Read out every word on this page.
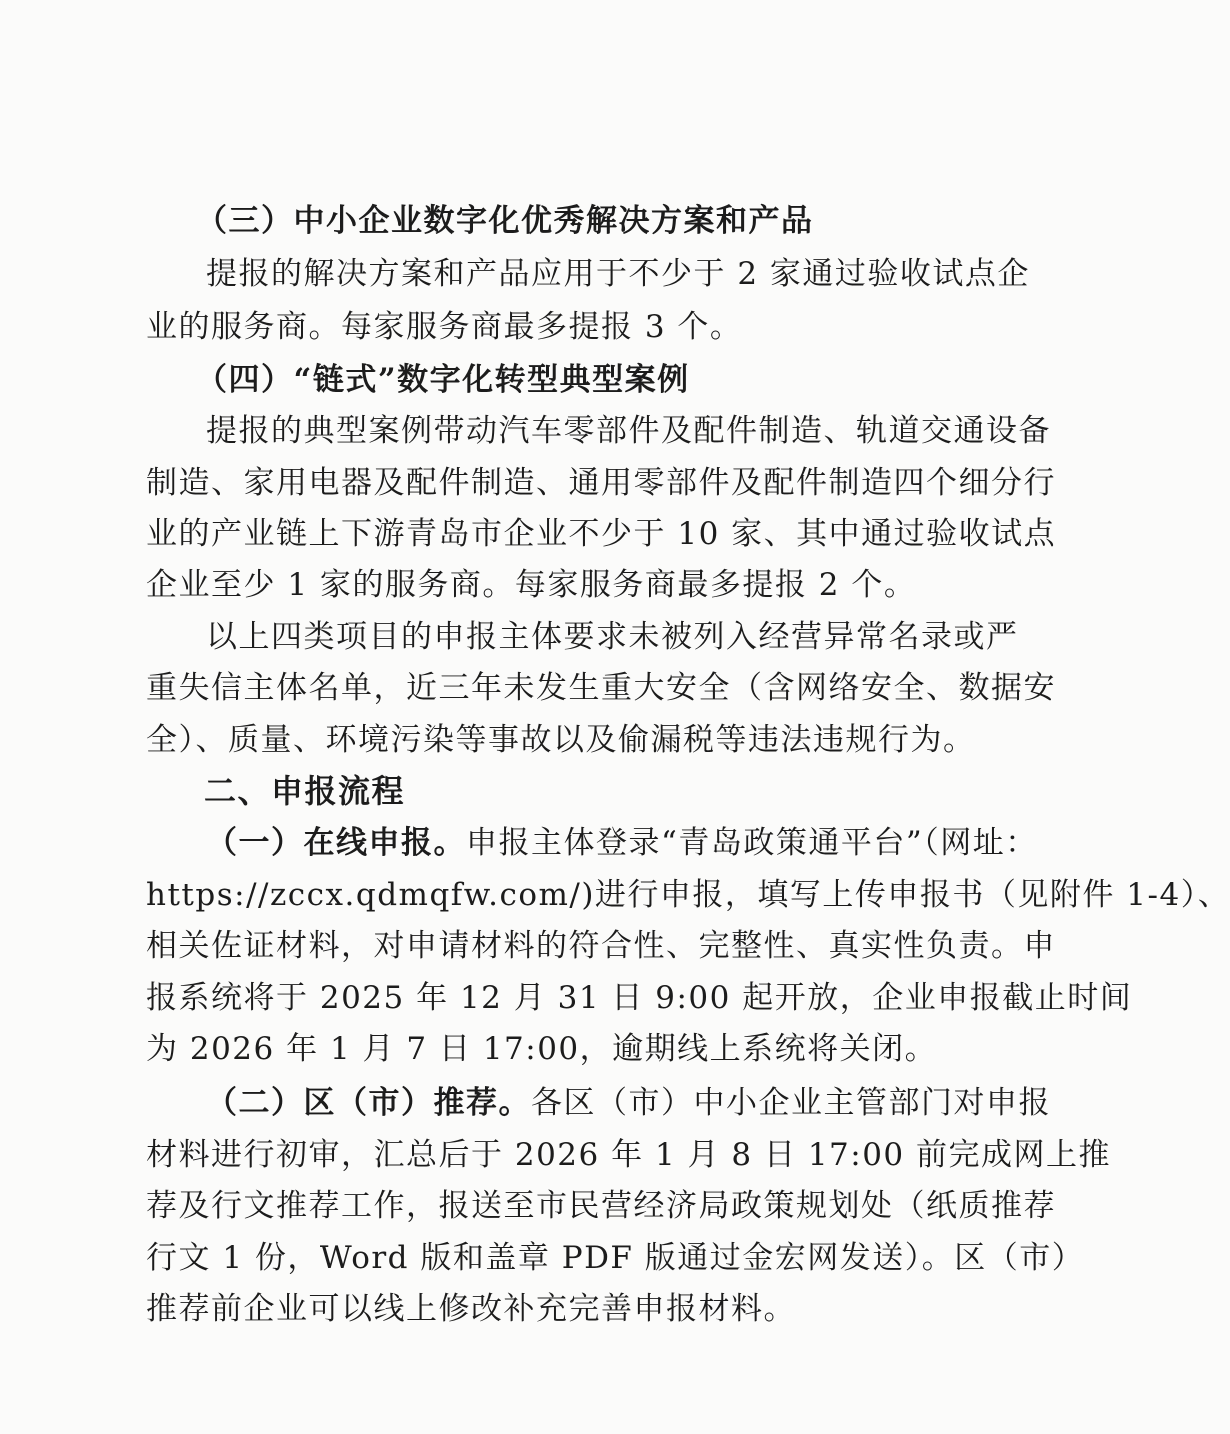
（三）中小企业数字化优秀解决方案和产品
提报的解决方案和产品应用于不少于 2 家通过验收试点企
业的服务商。每家服务商最多提报 3 个。
（四）“链式”数字化转型典型案例
提报的典型案例带动汽车零部件及配件制造、轨道交通设备
制造、家用电器及配件制造、通用零部件及配件制造四个细分行
业的产业链上下游青岛市企业不少于 10 家、其中通过验收试点
企业至少 1 家的服务商。每家服务商最多提报 2 个。
以上四类项目的申报主体要求未被列入经营异常名录或严
重失信主体名单，近三年未发生重大安全（含网络安全、数据安
全）、质量、环境污染等事故以及偷漏税等违法违规行为。
二、申报流程
（一）在线申报。申报主体登录“青岛政策通平台”（网址：
https://zccx.qdmqfw.com/)进行申报，填写上传申报书（见附件 1-4）、
相关佐证材料，对申请材料的符合性、完整性、真实性负责。申
报系统将于 2025 年 12 月 31 日 9:00 起开放，企业申报截止时间
为 2026 年 1 月 7 日 17:00，逾期线上系统将关闭。
（二）区（市）推荐。各区（市）中小企业主管部门对申报
材料进行初审，汇总后于 2026 年 1 月 8 日 17:00 前完成网上推
荐及行文推荐工作，报送至市民营经济局政策规划处（纸质推荐
行文 1 份，Word 版和盖章 PDF 版通过金宏网发送）。区（市）
推荐前企业可以线上修改补充完善申报材料。
